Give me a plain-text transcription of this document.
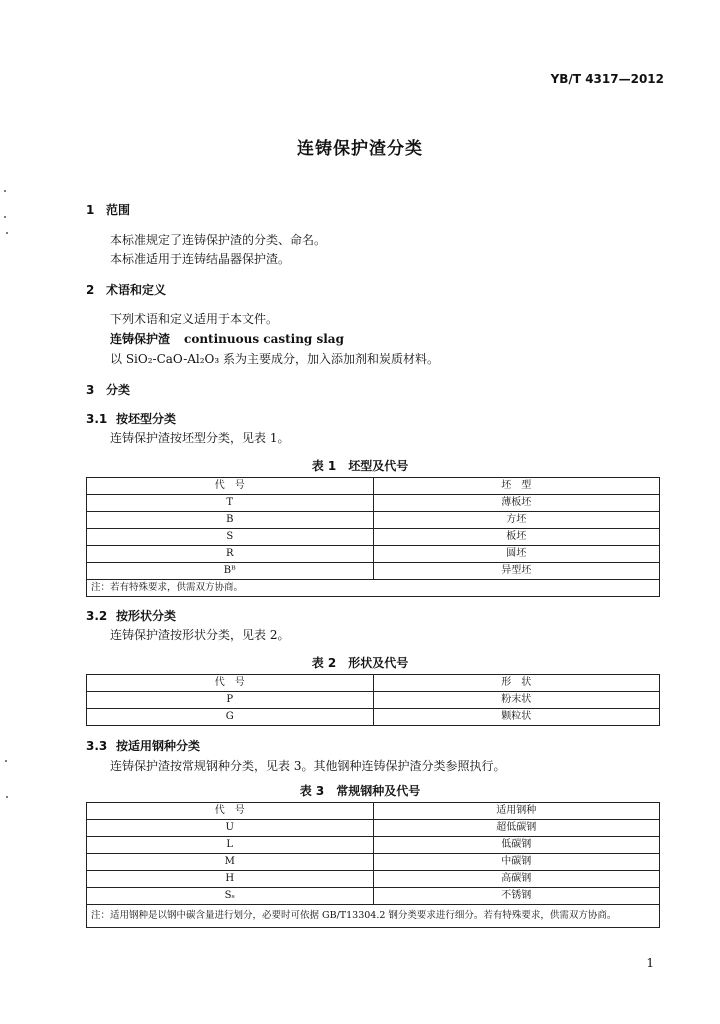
YB/T 4317—2012
连铸保护渣分类
1 范围
本标准规定了连铸保护渣的分类、命名。
本标准适用于连铸结晶器保护渣。
2 术语和定义
下列术语和定义适用于本文件。
连铸保护渣 continuous casting slag
以 SiO₂-CaO-Al₂O₃ 系为主要成分，加入添加剂和炭质材料。
3 分类
3.1 按坯型分类
连铸保护渣按坯型分类，见表 1。
表 1　坯型及代号
代　号	坯　型
T	薄板坯
B	方坯
S	板坯
R	圆坯
Bᴮ	异型坯
注：若有特殊要求，供需双方协商。	
3.2 按形状分类
连铸保护渣按形状分类，见表 2。
表 2　形状及代号
代　号	形　状
P	粉末状
G	颗粒状
3.3 按适用钢种分类
连铸保护渣按常规钢种分类，见表 3。其他钢种连铸保护渣分类参照执行。
表 3　常规钢种及代号
代　号	适用钢种
U	超低碳钢
L	低碳钢
M	中碳钢
H	高碳钢
Sₛ	不锈钢
注：适用钢种是以钢中碳含量进行划分，必要时可依据 GB/T13304.2 钢分类要求进行细分。若有特殊要求，供需双方协商。	
1
